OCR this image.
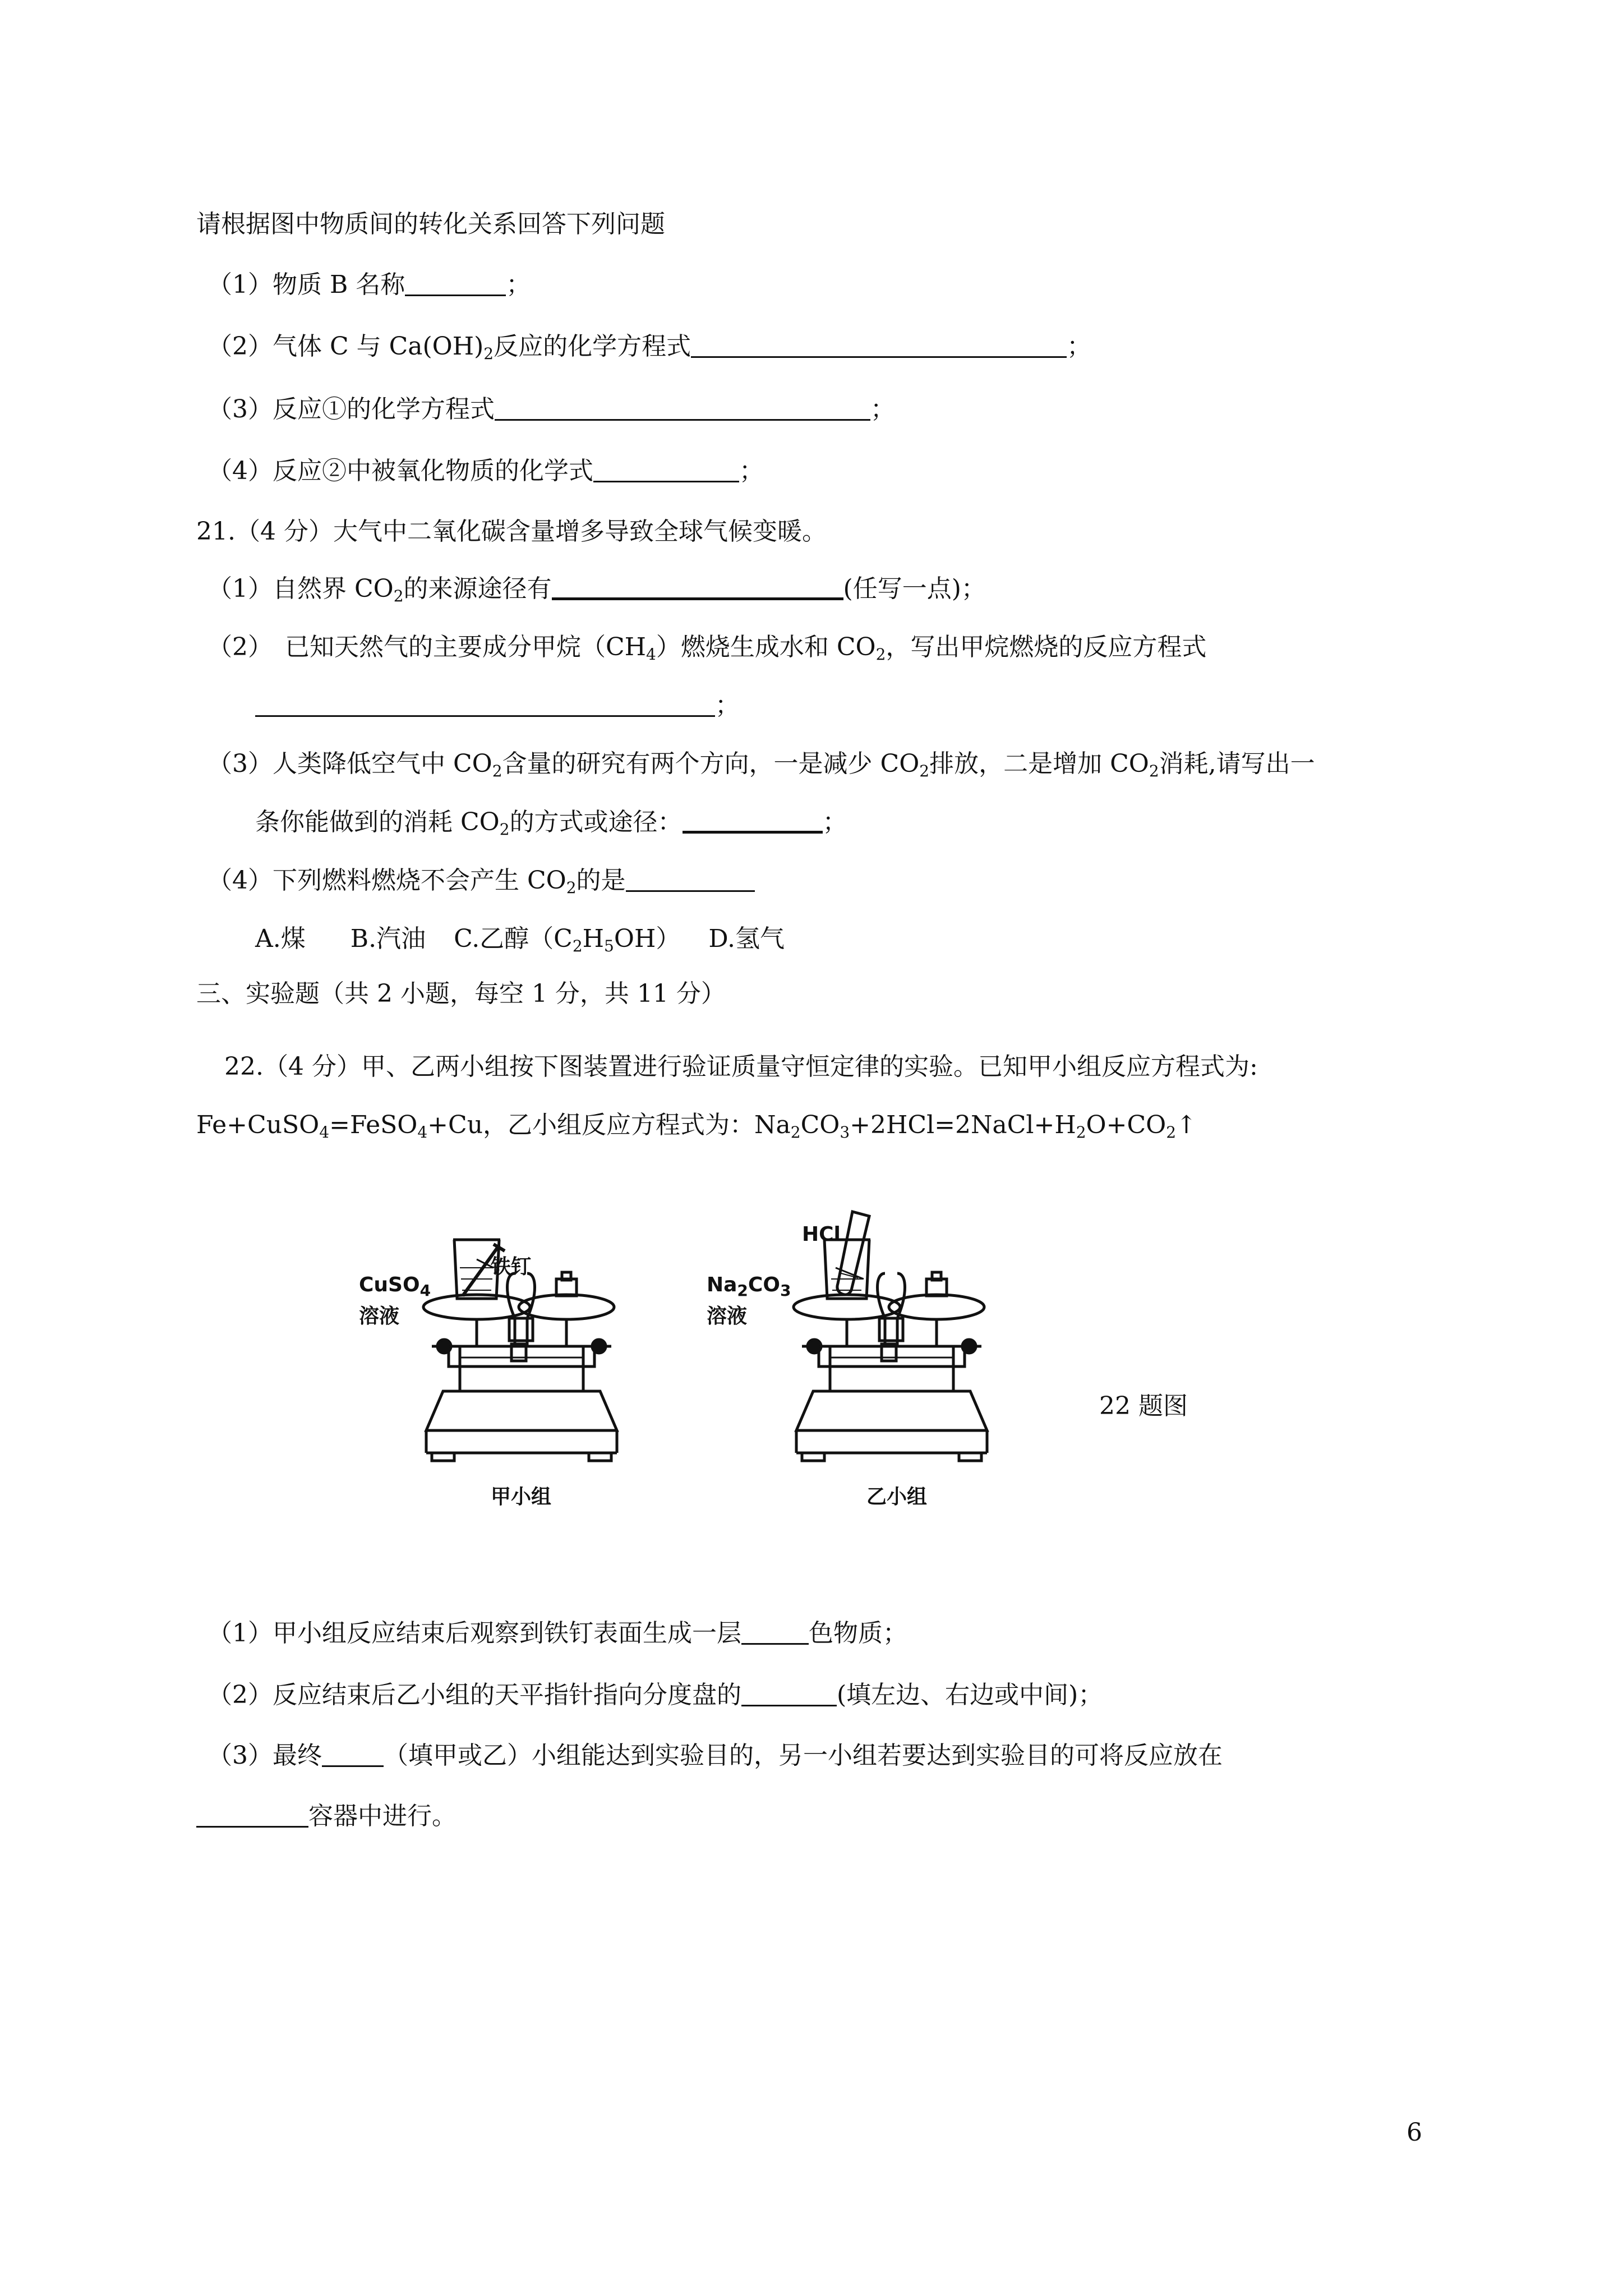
请根据图中物质间的转化关系回答下列问题
（1）物质 B 名称	；
（2）气体 C 与 $Ca(OH)_2$反应的化学方程式	；
（3）反应①的化学方程式	；
（4）反应②中被氧化物质的化学式	；
21.（4 分）大气中二氧化碳含量增多导致全球气候变暖。
（1）自然界 $CO_2$的来源途径有	(任写一点)；
（2）　已知天然气的主要成分甲烷$(CH_4)$燃烧生成水和 $CO_2$，写出甲烷燃烧的反应方程式
；
（3）人类降低空气中 $CO_2$含量的研究有两个方向，一是减少 $CO_2$排放，二是增加 $CO_2$消耗,请写出一
条你能做到的消耗 $CO_2$的方式或途径：	；
（4）下列燃料燃烧不会产生 $CO_2$的是
A.煤 B.汽油 C.乙醇$(C_2H_5OH)$ D.氢气
三、实验题（共 2 小题，每空 1 分，共 11 分）
22.（4 分）甲、乙两小组按下图装置进行验证质量守恒定律的实验。已知甲小组反应方程式为:
Fe+CuSO$_4$=FeSO$_4$+Cu，乙小组反应方程式为：$Na_2CO_3+2HCl=2NaCl+H_2O+CO_2↑$
CuSO$_4$
溶液
铁钉
甲小组
HCl
$Na_2CO_3$
溶液
乙小组
22 题图
（1）甲小组反应结束后观察到铁钉表面生成一层	色物质；
（2）反应结束后乙小组的天平指针指向分度盘的	(填左边、右边或中间)；
（3）最终	（填甲或乙）小组能达到实验目的，另一小组若要达到实验目的可将反应放在
容器中进行。
6
